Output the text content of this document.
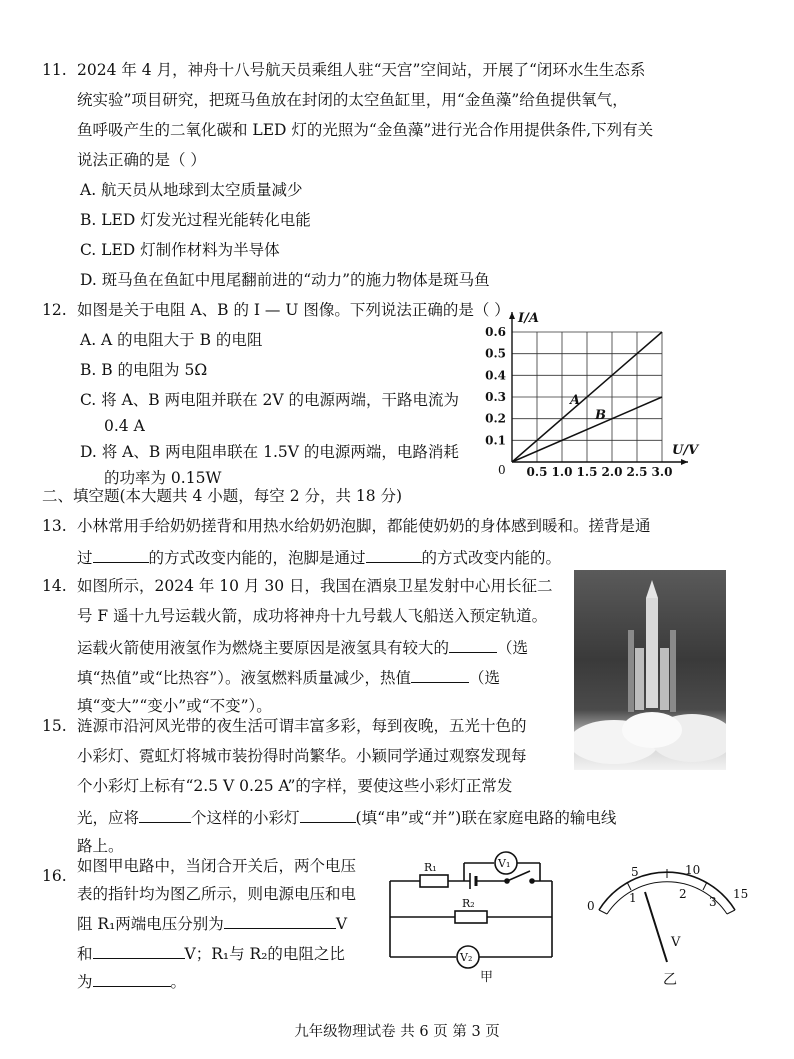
11. 2024 年 4 月，神舟十八号航天员乘组人驻“天宫”空间站，开展了“闭环水生生态系
统实验”项目研究，把斑马鱼放在封闭的太空鱼缸里，用“金鱼藻”给鱼提供氧气，
鱼呼吸产生的二氧化碳和 LED 灯的光照为“金鱼藻”进行光合作用提供条件,下列有关
说法正确的是（ ）
A. 航天员从地球到太空质量减少
B. LED 灯发光过程光能转化电能
C. LED 灯制作材料为半导体
D. 斑马鱼在鱼缸中甩尾翻前进的“动力”的施力物体是斑马鱼
12. 如图是关于电阻 A、B 的 I — U 图像。下列说法正确的是（ ）
A. A 的电阻大于 B 的电阻
B. B 的电阻为 5Ω
C. 将 A、B 两电阻并联在 2V 的电源两端，干路电流为
0.4 A
D. 将 A、B 两电阻串联在 1.5V 的电源两端，电路消耗
的功率为 0.15W
I/A
U/V
A
B
0 0.5 1.0 1.5 2.0 2.5 3.0
0.1
0.2
0.3
0.4
0.5
0.6
二、填空题(本大题共 4 小题，每空 2 分，共 18 分)
13. 小林常用手给奶奶搓背和用热水给奶奶泡脚，都能使奶奶的身体感到暖和。搓背是通
过	的方式改变内能的，泡脚是通过	的方式改变内能的。
14. 如图所示，2024 年 10 月 30 日，我国在酒泉卫星发射中心用长征二
号 F 遥十九号运载火箭，成功将神舟十九号载人飞船送入预定轨道。
运载火箭使用液氢作为燃烧主要原因是液氢具有较大的	（选
填“热值”或“比热容”）。液氢燃料质量减少，热值	（选
填“变大”“变小”或“不变”）。
15. 涟源市沿河风光带的夜生活可谓丰富多彩，每到夜晚，五光十色的
小彩灯、霓虹灯将城市装扮得时尚繁华。小颖同学通过观察发现每
个小彩灯上标有“2.5 V 0.25 A”的字样，要使这些小彩灯正常发
光，应将	个这样的小彩灯	(填“串”或“并”)联在家庭电路的输电线
路上。
16.
如图甲电路中，当闭合开关后，两个电压
表的指针均为图乙所示，则电源电压和电
阻 R₁两端电压分别为	V
和	V；R₁与 R₂的电阻之比
为	。
R₁
R₂
V₁
V₂
甲
0
1
5
2
10
3
15
V
乙
九年级物理试卷 共 6 页 第 3 页
